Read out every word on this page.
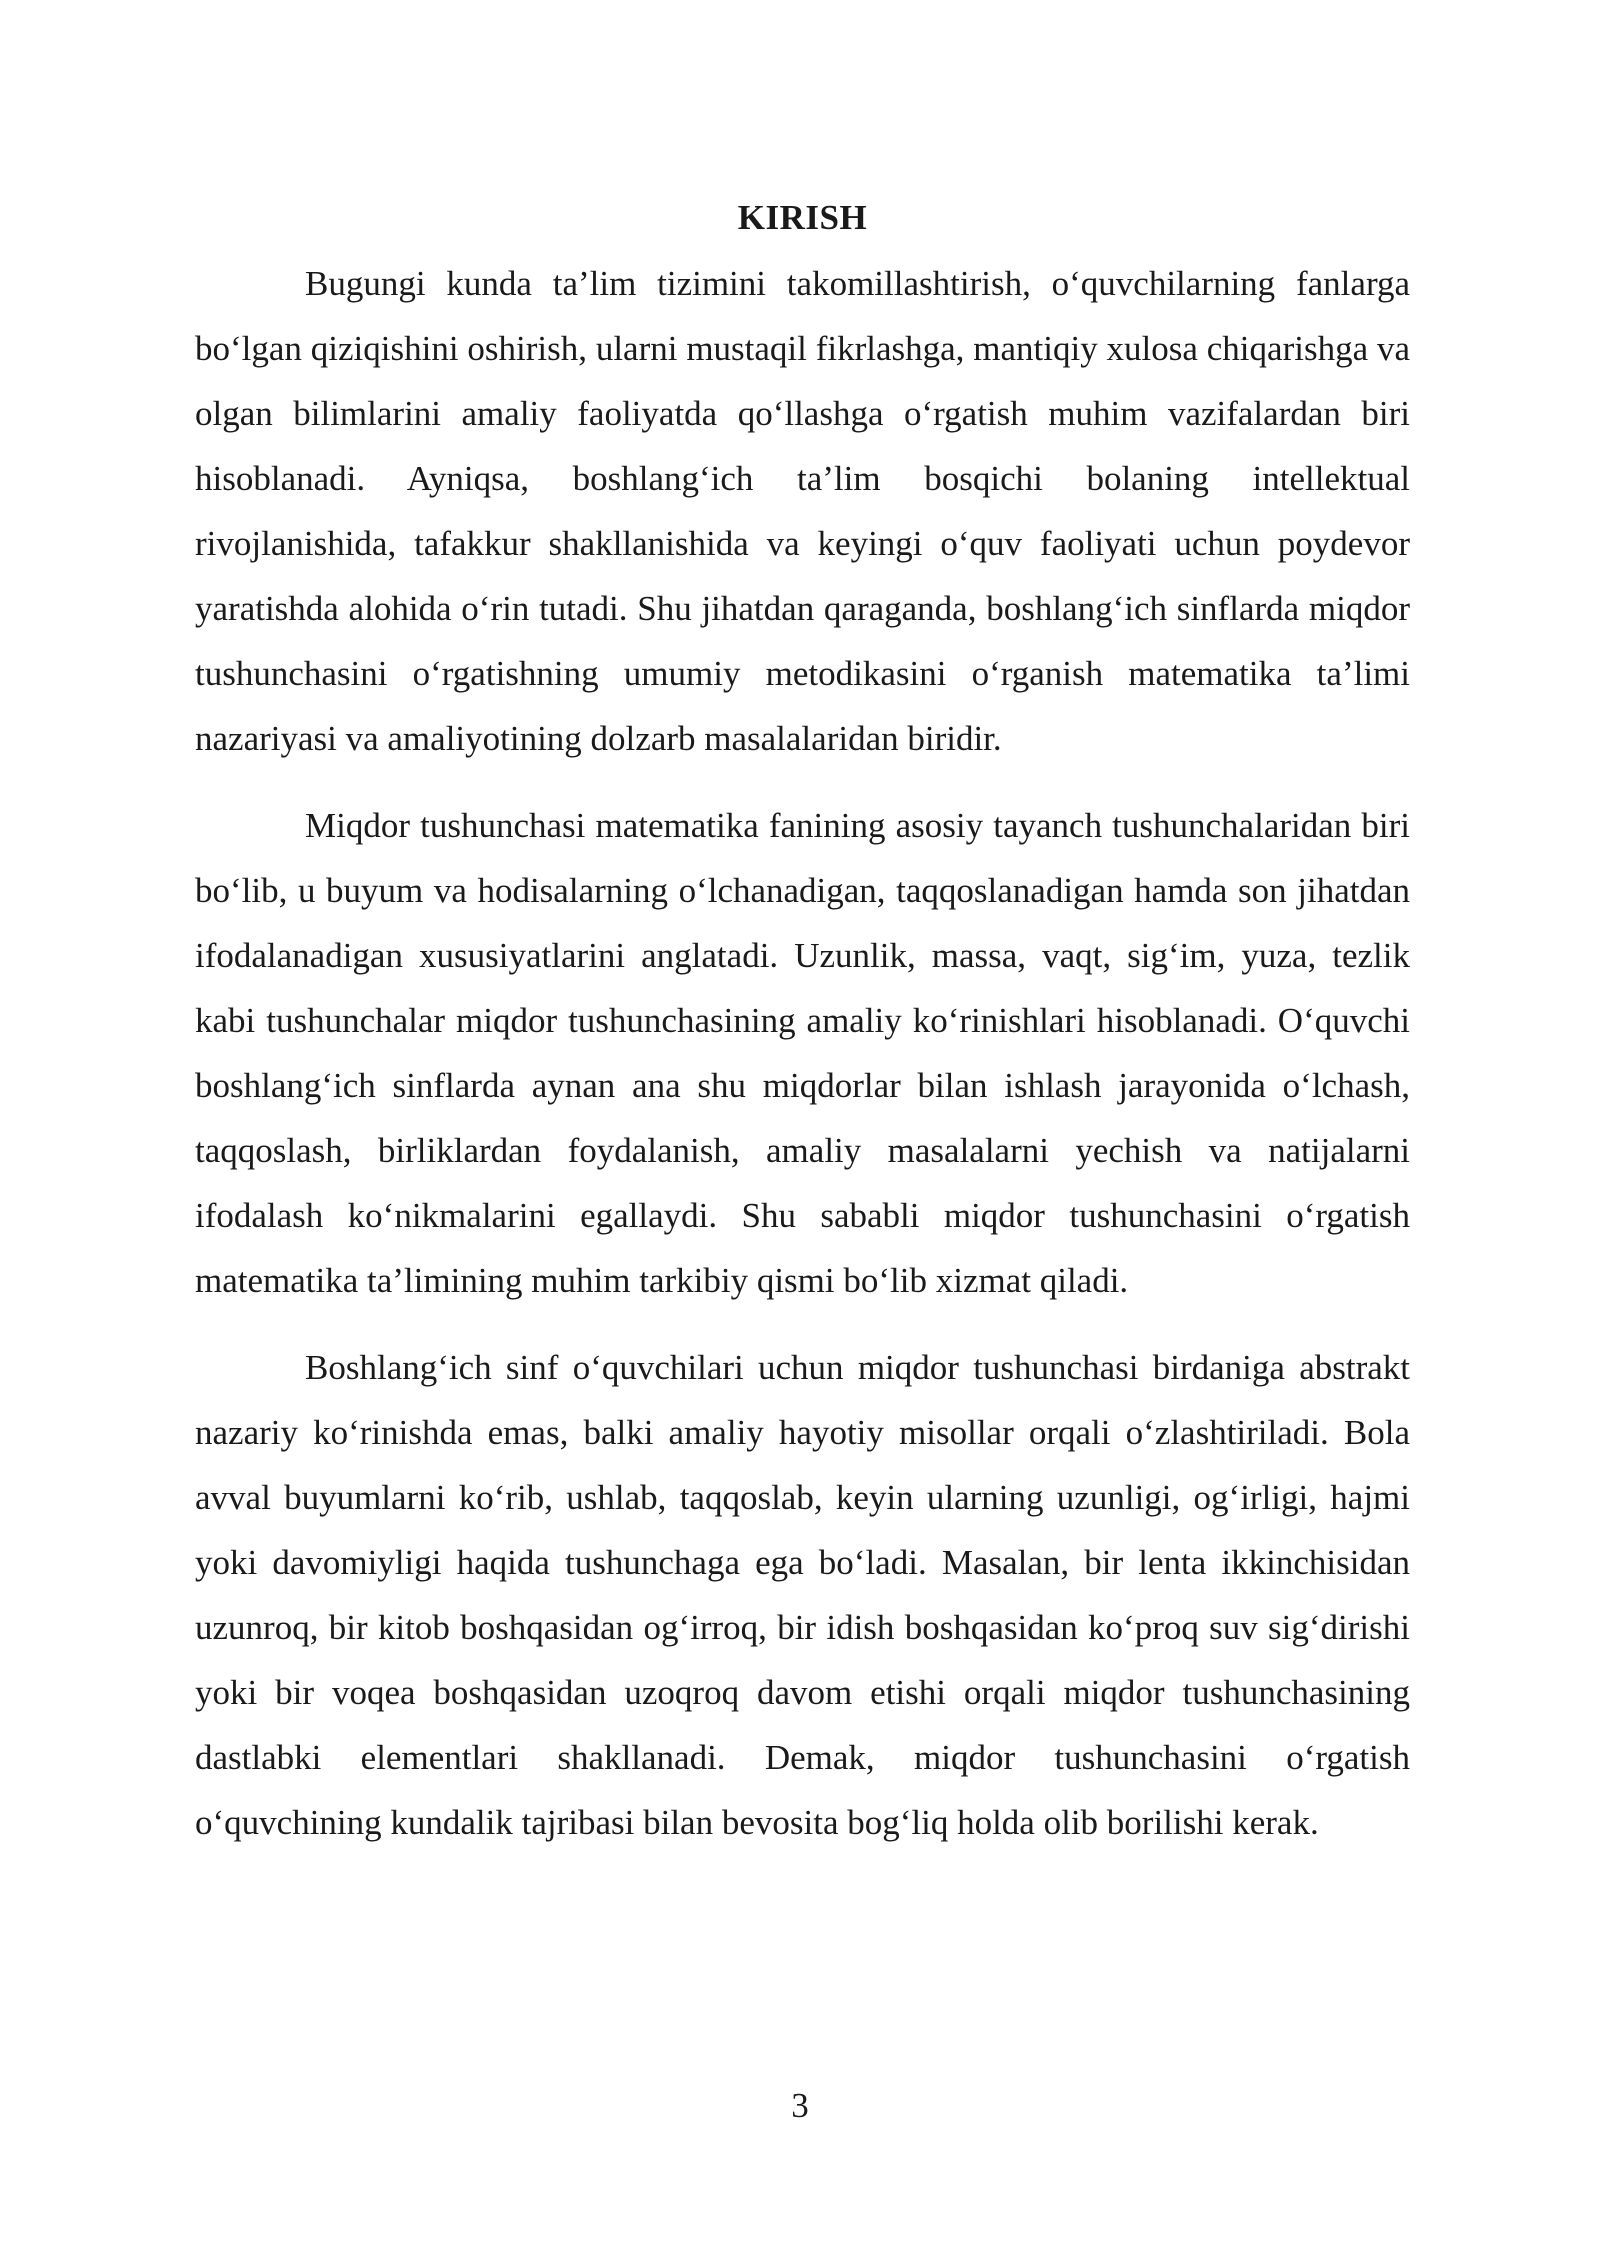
KIRISH

Bugungi kunda ta’lim tizimini takomillashtirish, o‘quvchilarning fanlarga bo‘lgan qiziqishini oshirish, ularni mustaqil fikrlashga, mantiqiy xulosa chiqarishga va olgan bilimlarini amaliy faoliyatda qo‘llashga o‘rgatish muhim vazifalardan biri hisoblanadi. Ayniqsa, boshlang‘ich ta’lim bosqichi bolaning intellektual rivojlanishida, tafakkur shakllanishida va keyingi o‘quv faoliyati uchun poydevor yaratishda alohida o‘rin tutadi. Shu jihatdan qaraganda, boshlang‘ich sinflarda miqdor tushunchasini o‘rgatishning umumiy metodikasini o‘rganish matematika ta’limi nazariyasi va amaliyotining dolzarb masalalaridan biridir.

Miqdor tushunchasi matematika fanining asosiy tayanch tushunchalaridan biri bo‘lib, u buyum va hodisalarning o‘lchanadigan, taqqoslanadigan hamda son jihatdan ifodalanadigan xususiyatlarini anglatadi. Uzunlik, massa, vaqt, sig‘im, yuza, tezlik kabi tushunchalar miqdor tushunchasining amaliy ko‘rinishlari hisoblanadi. O‘quvchi boshlang‘ich sinflarda aynan ana shu miqdorlar bilan ishlash jarayonida o‘lchash, taqqoslash, birliklardan foydalanish, amaliy masalalarni yechish va natijalarni ifodalash ko‘nikmalarini egallaydi. Shu sababli miqdor tushunchasini o‘rgatish matematika ta’limining muhim tarkibiy qismi bo‘lib xizmat qiladi.

Boshlang‘ich sinf o‘quvchilari uchun miqdor tushunchasi birdaniga abstrakt nazariy ko‘rinishda emas, balki amaliy hayotiy misollar orqali o‘zlashtiriladi. Bola avval buyumlarni ko‘rib, ushlab, taqqoslab, keyin ularning uzunligi, og‘irligi, hajmi yoki davomiyligi haqida tushunchaga ega bo‘ladi. Masalan, bir lenta ikkinchisidan uzunroq, bir kitob boshqasidan og‘irroq, bir idish boshqasidan ko‘proq suv sig‘dirishi yoki bir voqea boshqasidan uzoqroq davom etishi orqali miqdor tushunchasining dastlabki elementlari shakllanadi. Demak, miqdor tushunchasini o‘rgatish o‘quvchining kundalik tajribasi bilan bevosita bog‘liq holda olib borilishi kerak.

3
